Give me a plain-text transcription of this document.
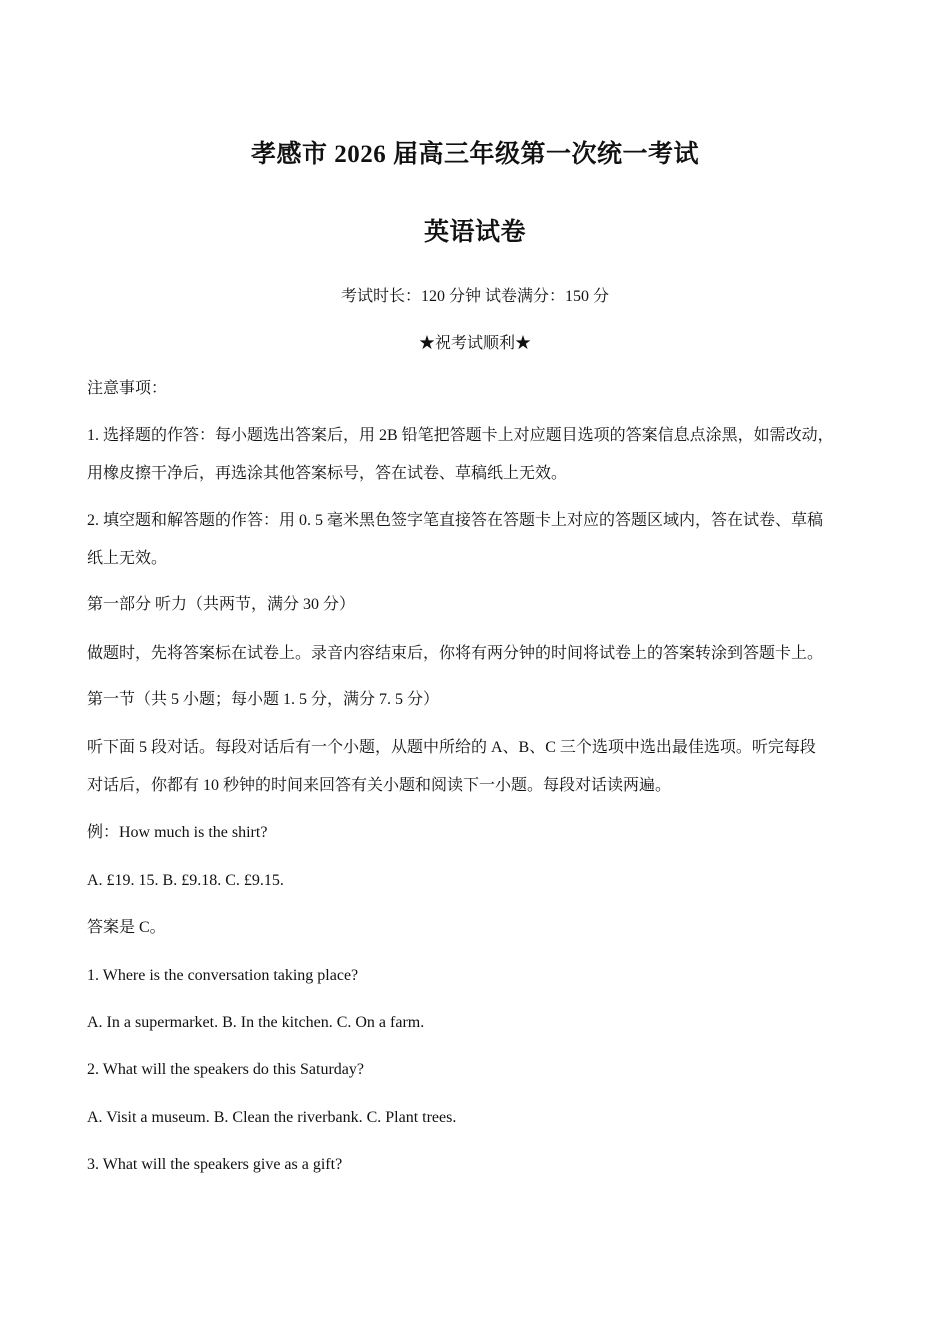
孝感市 2026 届高三年级第一次统一考试
英语试卷
考试时长：120 分钟 试卷满分：150 分
★祝考试顺利★
注意事项：
1. 选择题的作答：每小题选出答案后，用 2B 铅笔把答题卡上对应题目选项的答案信息点涂黑，如需改动，
用橡皮擦干净后，再选涂其他答案标号，答在试卷、草稿纸上无效。
2. 填空题和解答题的作答：用 0. 5 毫米黑色签字笔直接答在答题卡上对应的答题区域内，答在试卷、草稿
纸上无效。
第一部分 听力（共两节，满分 30 分）
做题时，先将答案标在试卷上。录音内容结束后，你将有两分钟的时间将试卷上的答案转涂到答题卡上。
第一节（共 5 小题；每小题 1. 5 分，满分 7. 5 分）
听下面 5 段对话。每段对话后有一个小题，从题中所给的 A、B、C 三个选项中选出最佳选项。听完每段
对话后，你都有 10 秒钟的时间来回答有关小题和阅读下一小题。每段对话读两遍。
例：How much is the shirt?
A. £19. 15. B. £9.18. C. £9.15.
答案是 C。
1. Where is the conversation taking place?
A. In a supermarket. B. In the kitchen. C. On a farm.
2. What will the speakers do this Saturday?
A. Visit a museum. B. Clean the riverbank. C. Plant trees.
3. What will the speakers give as a gift?
